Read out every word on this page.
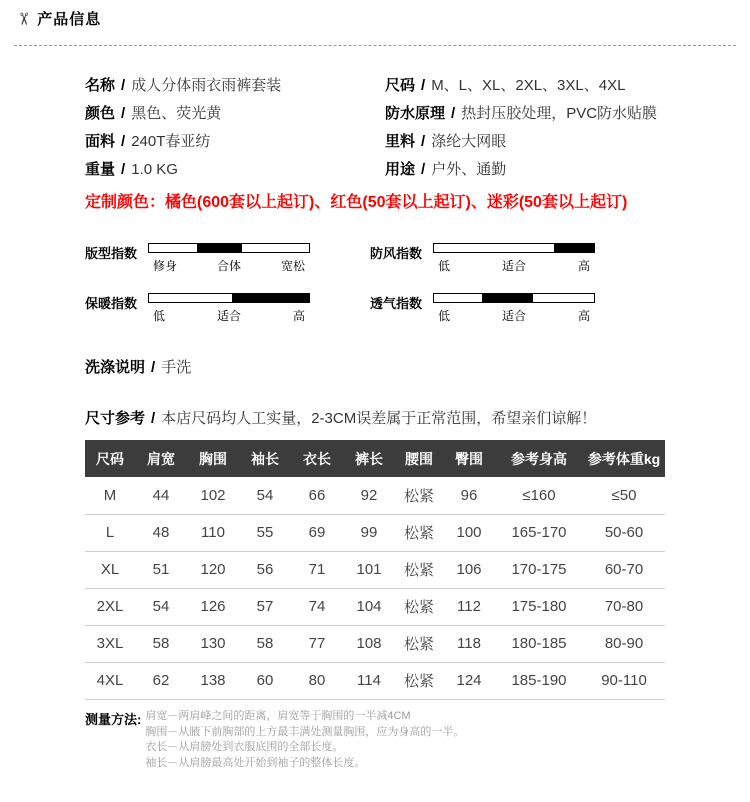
✂ 产品信息
名称 / 成人分体雨衣雨裤套装
颜色 / 黑色、荧光黄
面料 / 240T春亚纺
重量 / 1.0 KG
尺码 / M、L、XL、2XL、3XL、4XL
防水原理 / 热封压胶处理，PVC防水贴膜
里料 / 涤纶大网眼
用途 / 户外、通勤
定制颜色：橘色(600套以上起订)、红色(50套以上起订)、迷彩(50套以上起订)
版型指数
修身	合体	宽松
防风指数
低	适合	高
保暖指数
低	适合	高
透气指数
低	适合	高
洗涤说明 / 手洗
尺寸参考 / 本店尺码均人工实量，2-3CM误差属于正常范围，希望亲们谅解！
尺码	肩宽	胸围	袖长	衣长	裤长	腰围	臀围	参考身高	参考体重kg
M	44	102	54	66	92	松紧	96	≤160	≤50
L	48	110	55	69	99	松紧	100	165-170	50-60
XL	51	120	56	71	101	松紧	106	170-175	60-70
2XL	54	126	57	74	104	松紧	112	175-180	70-80
3XL	58	130	58	77	108	松紧	118	180-185	80-90
4XL	62	138	60	80	114	松紧	124	185-190	90-110
测量方法: 肩宽－两肩峰之间的距离，肩宽等于胸围的一半减4CM
胸围－从腋下前胸部的上方最丰满处测量胸围，应为身高的一半。
衣长－从肩膀处到衣服底围的全部长度。
袖长－从肩膀最高处开始到袖子的整体长度。
